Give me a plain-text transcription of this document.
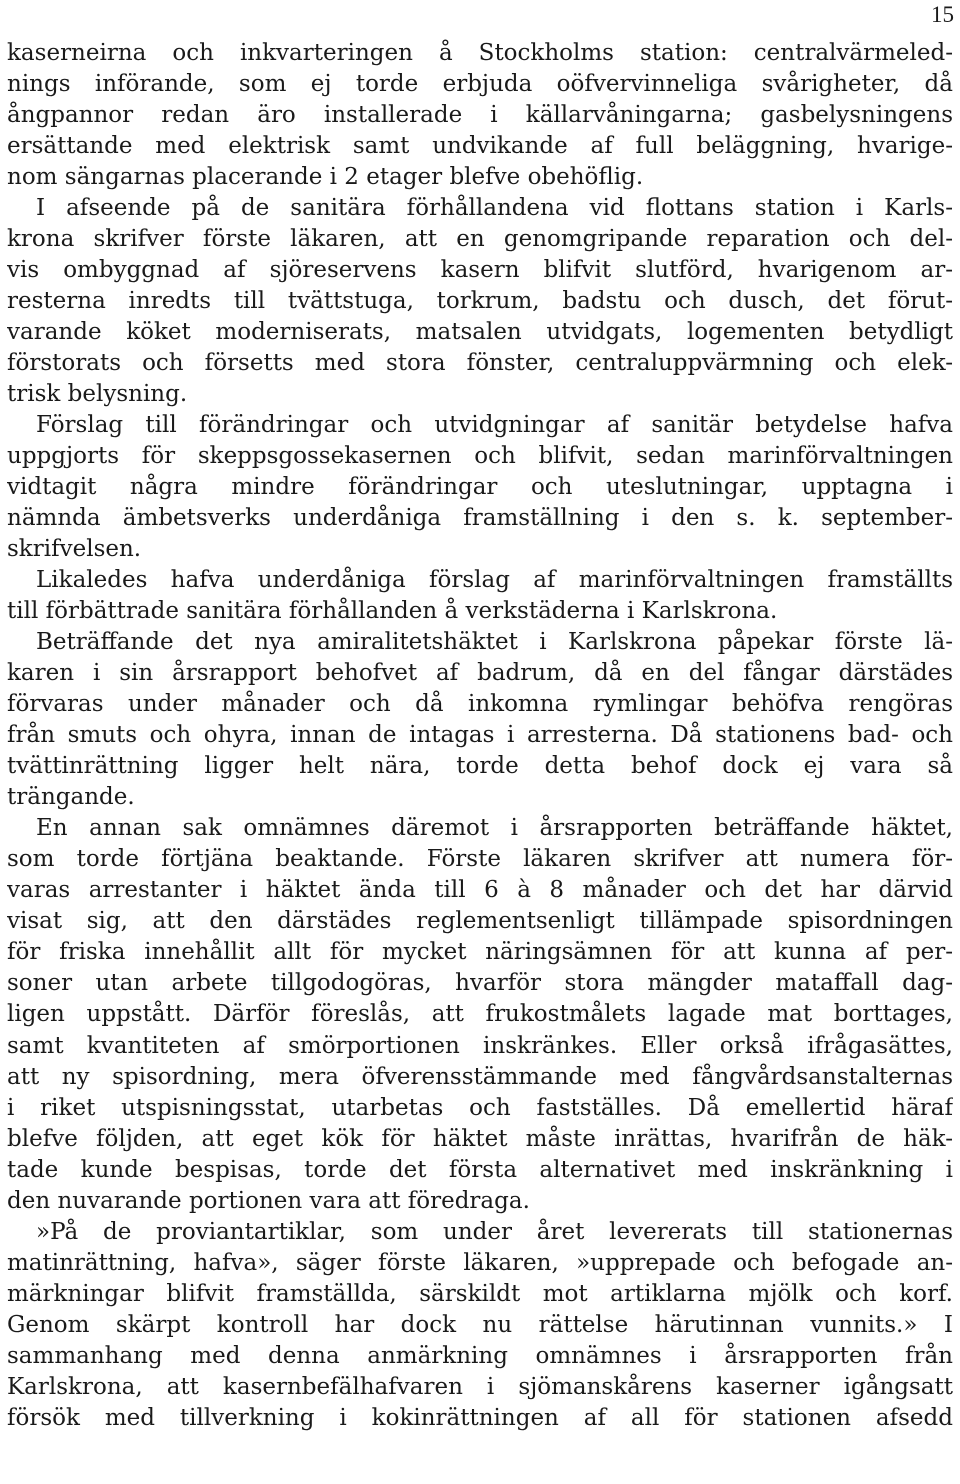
15
kaserneirna och inkvarteringen å Stockholms station: centralvärmeled-
nings införande, som ej torde erbjuda oöfvervinneliga svårigheter, då
ångpannor redan äro installerade i källarvåningarna; gasbelysningens
ersättande med elektrisk samt undvikande af full beläggning, hvarige-
nom sängarnas placerande i 2 etager blefve obehöflig.
I afseende på de sanitära förhållandena vid flottans station i Karls-
krona skrifver förste läkaren, att en genomgripande reparation och del-
vis ombyggnad af sjöreservens kasern blifvit slutförd, hvarigenom ar-
resterna inredts till tvättstuga, torkrum, badstu och dusch, det förut-
varande köket moderniserats, matsalen utvidgats, logementen betydligt
förstorats och försetts med stora fönster, centraluppvärmning och elek-
trisk belysning.
Förslag till förändringar och utvidgningar af sanitär betydelse hafva
uppgjorts för skeppsgossekasernen och blifvit, sedan marinförvaltningen
vidtagit några mindre förändringar och uteslutningar, upptagna i
nämnda ämbetsverks underdåniga framställning i den s. k. september-
skrifvelsen.
Likaledes hafva underdåniga förslag af marinförvaltningen framställts
till förbättrade sanitära förhållanden å verkstäderna i Karlskrona.
Beträffande det nya amiralitetshäktet i Karlskrona påpekar förste lä-
karen i sin årsrapport behofvet af badrum, då en del fångar därstädes
förvaras under månader och då inkomna rymlingar behöfva rengöras
från smuts och ohyra, innan de intagas i arresterna. Då stationens bad- och
tvättinrättning ligger helt nära, torde detta behof dock ej vara så
trängande.
En annan sak omnämnes däremot i årsrapporten beträffande häktet,
som torde förtjäna beaktande. Förste läkaren skrifver att numera för-
varas arrestanter i häktet ända till 6 à 8 månader och det har därvid
visat sig, att den därstädes reglementsenligt tillämpade spisordningen
för friska innehållit allt för mycket näringsämnen för att kunna af per-
soner utan arbete tillgodogöras, hvarför stora mängder mataffall dag-
ligen uppstått. Därför föreslås, att frukostmålets lagade mat borttages,
samt kvantiteten af smörportionen inskränkes. Eller orkså ifrågasättes,
att ny spisordning, mera öfverensstämmande med fångvårdsanstalternas
i riket utspisningsstat, utarbetas och fastställes. Då emellertid häraf
blefve följden, att eget kök för häktet måste inrättas, hvarifrån de häk-
tade kunde bespisas, torde det första alternativet med inskränkning i
den nuvarande portionen vara att föredraga.
»På de proviantartiklar, som under året levererats till stationernas
matinrättning, hafva», säger förste läkaren, »upprepade och befogade an-
märkningar blifvit framställda, särskildt mot artiklarna mjölk och korf.
Genom skärpt kontroll har dock nu rättelse härutinnan vunnits.» I
sammanhang med denna anmärkning omnämnes i årsrapporten från
Karlskrona, att kasernbefälhafvaren i sjömanskårens kaserner igångsatt
försök med tillverkning i kokinrättningen af all för stationen afsedd
